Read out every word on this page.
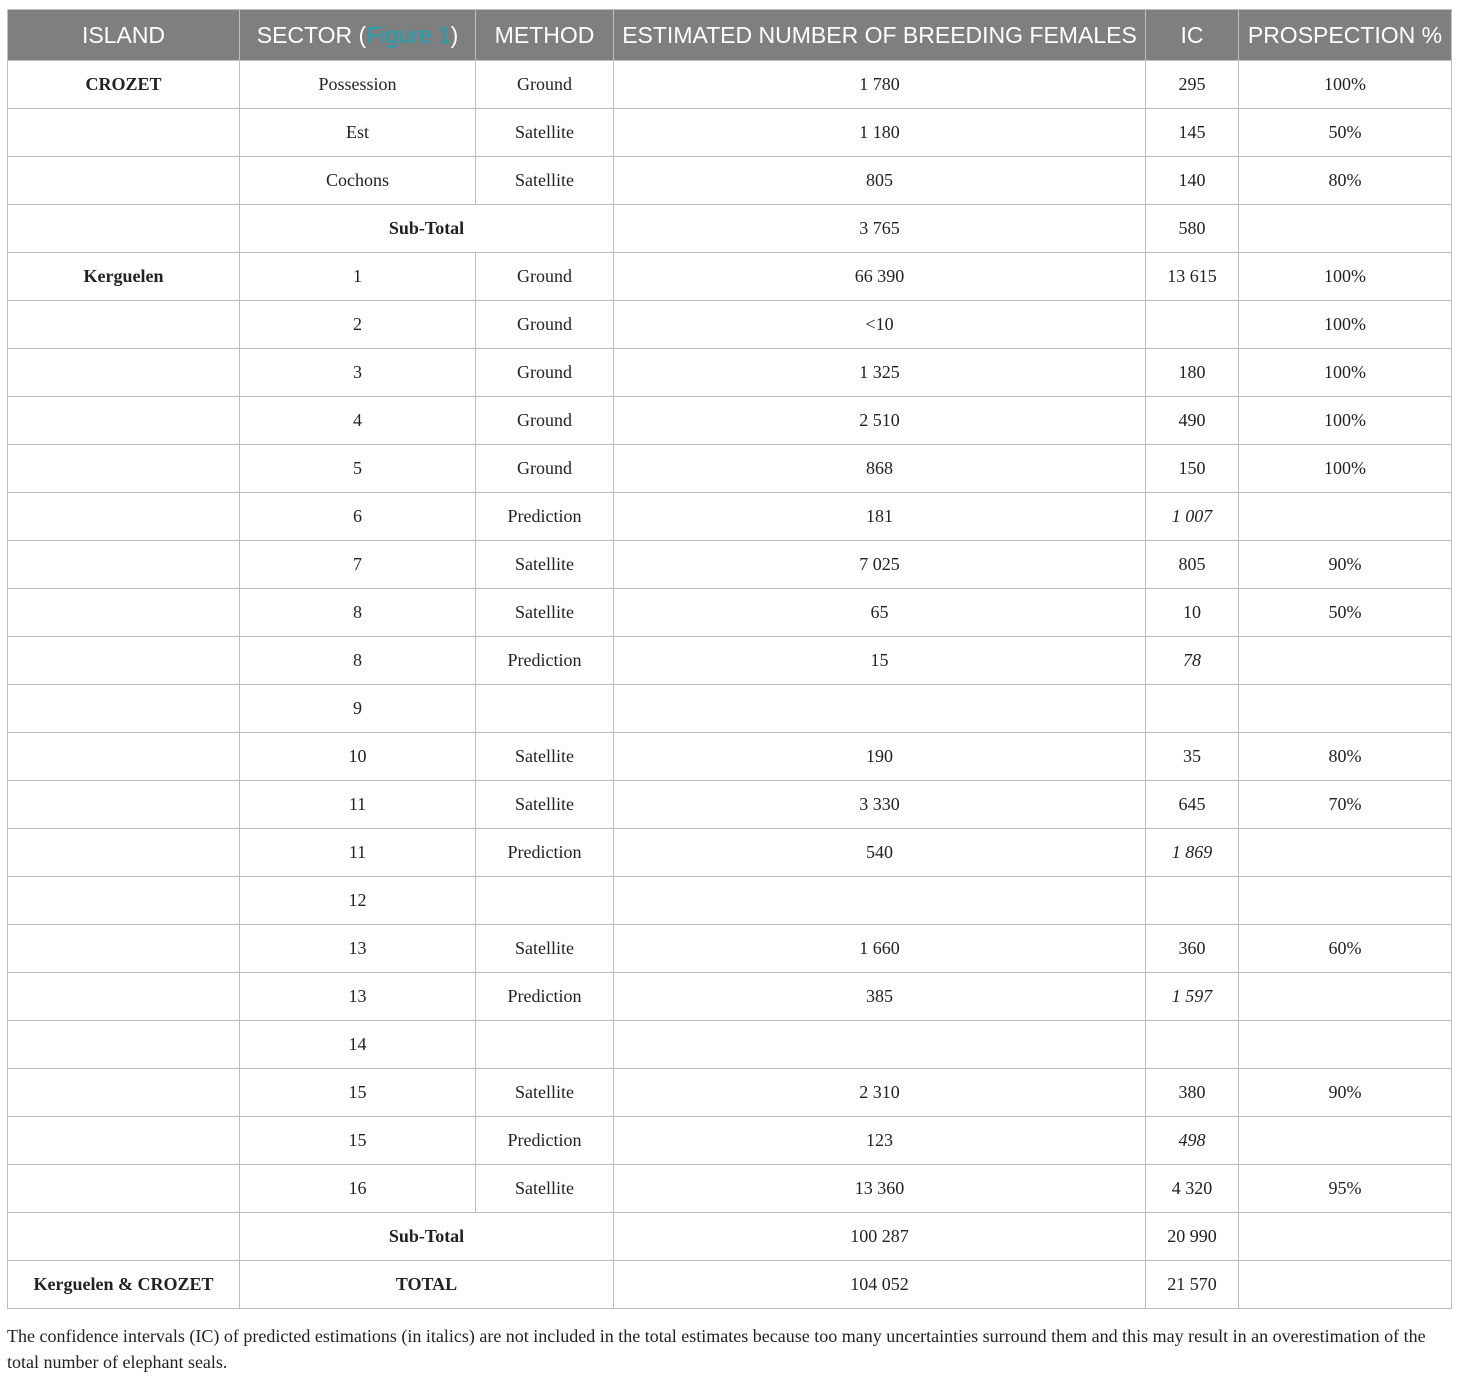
ISLAND	SECTOR (Figure 1)	METHOD	ESTIMATED NUMBER OF BREEDING FEMALES	IC	PROSPECTION %
CROZET	Possession	Ground	1 780	295	100%
	Est	Satellite	1 180	145	50%
	Cochons	Satellite	805	140	80%
	Sub-Total		3 765	580	
Kerguelen	1	Ground	66 390	13 615	100%
	2	Ground	<10		100%
	3	Ground	1 325	180	100%
	4	Ground	2 510	490	100%
	5	Ground	868	150	100%
	6	Prediction	181	1 007	
	7	Satellite	7 025	805	90%
	8	Satellite	65	10	50%
	8	Prediction	15	78	
	9				
	10	Satellite	190	35	80%
	11	Satellite	3 330	645	70%
	11	Prediction	540	1 869	
	12				
	13	Satellite	1 660	360	60%
	13	Prediction	385	1 597	
	14				
	15	Satellite	2 310	380	90%
	15	Prediction	123	498	
	16	Satellite	13 360	4 320	95%
	Sub-Total		100 287	20 990	
Kerguelen & CROZET	TOTAL		104 052	21 570	
The confidence intervals (IC) of predicted estimations (in italics) are not included in the total estimates because too many uncertainties surround them and this may result in an overestimation of the total number of elephant seals.
